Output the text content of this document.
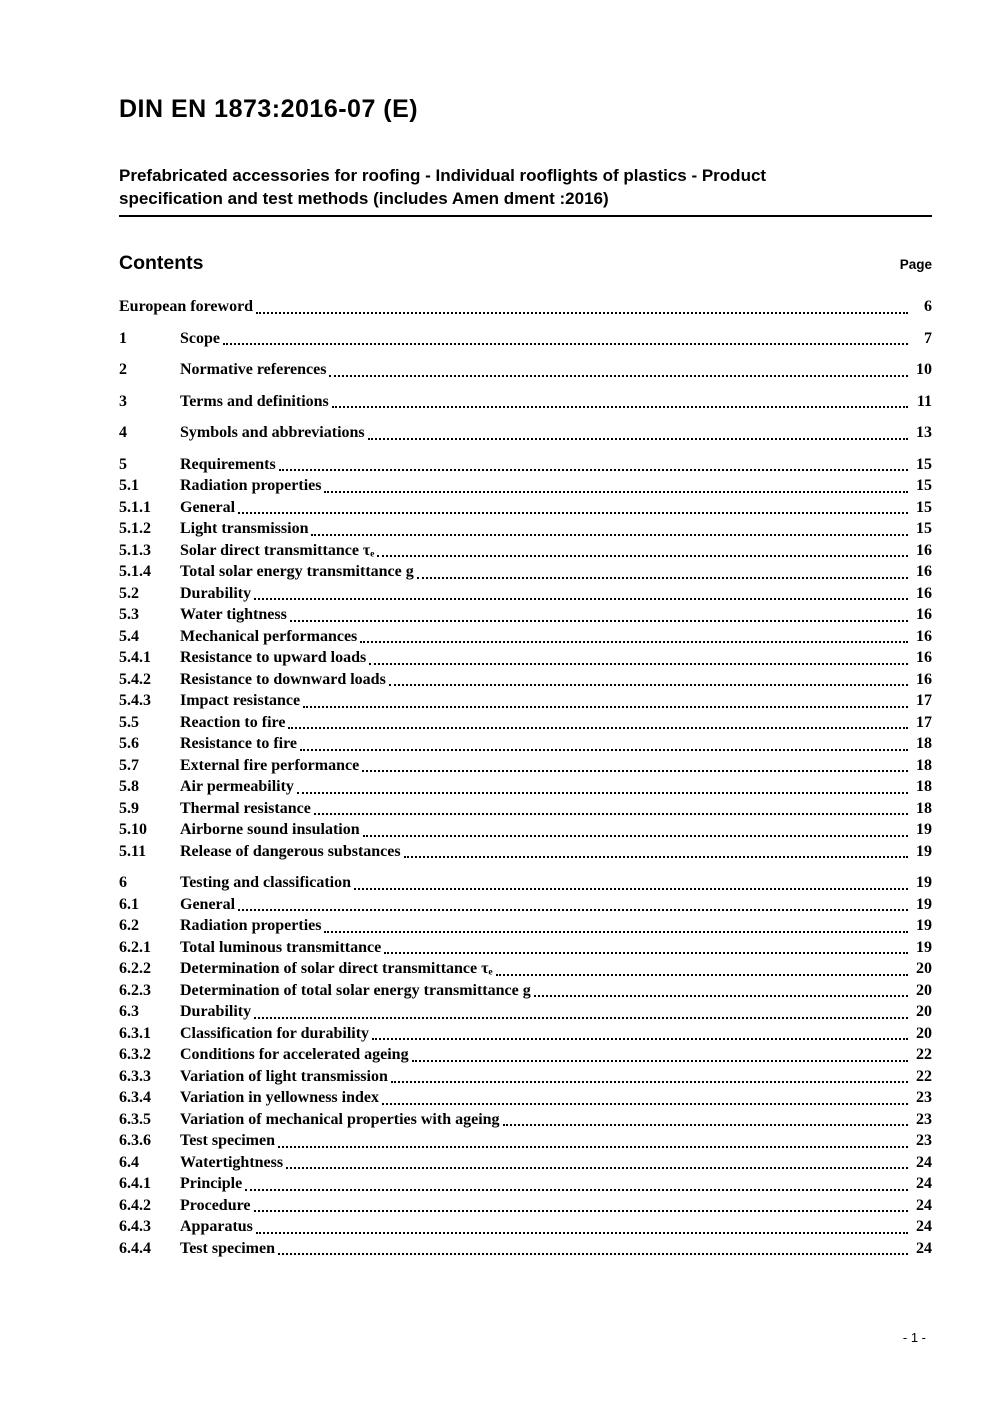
DIN EN 1873:2016-07 (E)
Prefabricated accessories for roofing - Individual rooflights of plastics - Product
specification and test methods (includes Amen dment :2016)
Contents	Page
European foreword	6
1	Scope	7
2	Normative references	10
3	Terms and definitions	11
4	Symbols and abbreviations	13
5	Requirements	15
5.1	Radiation properties	15
5.1.1	General	15
5.1.2	Light transmission	15
5.1.3	Solar direct transmittance τₑ	16
5.1.4	Total solar energy transmittance g	16
5.2	Durability	16
5.3	Water tightness	16
5.4	Mechanical performances	16
5.4.1	Resistance to upward loads	16
5.4.2	Resistance to downward loads	16
5.4.3	Impact resistance	17
5.5	Reaction to fire	17
5.6	Resistance to fire	18
5.7	External fire performance	18
5.8	Air permeability	18
5.9	Thermal resistance	18
5.10	Airborne sound insulation	19
5.11	Release of dangerous substances	19
6	Testing and classification	19
6.1	General	19
6.2	Radiation properties	19
6.2.1	Total luminous transmittance	19
6.2.2	Determination of solar direct transmittance τₑ	20
6.2.3	Determination of total solar energy transmittance g	20
6.3	Durability	20
6.3.1	Classification for durability	20
6.3.2	Conditions for accelerated ageing	22
6.3.3	Variation of light transmission	22
6.3.4	Variation in yellowness index	23
6.3.5	Variation of mechanical properties with ageing	23
6.3.6	Test specimen	23
6.4	Watertightness	24
6.4.1	Principle	24
6.4.2	Procedure	24
6.4.3	Apparatus	24
6.4.4	Test specimen	24
- 1 -
